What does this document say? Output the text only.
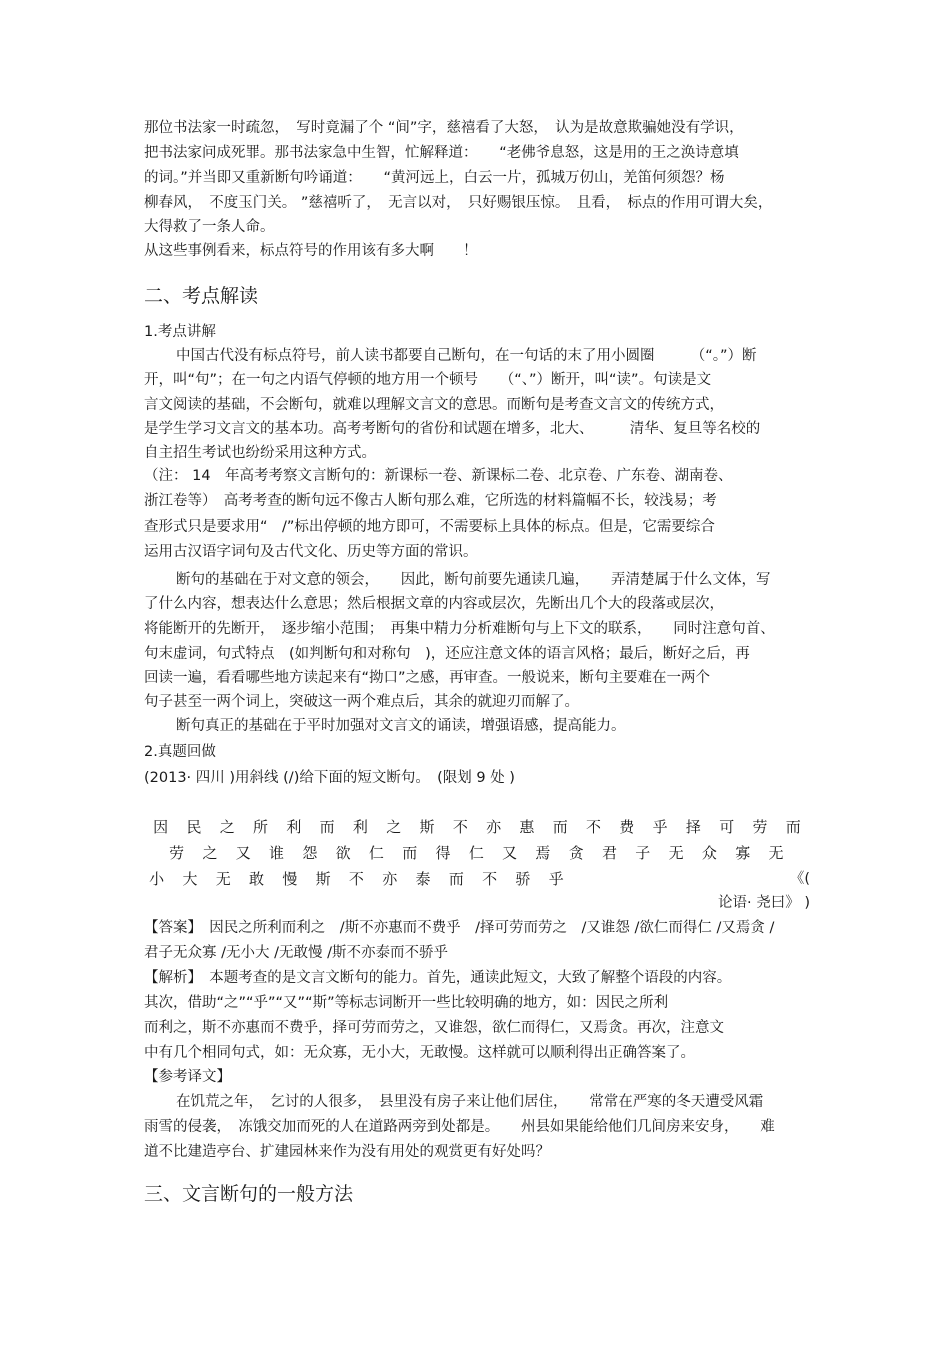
那位书法家一时疏忽，　写时竟漏了个 “间”字，慈禧看了大怒，　认为是故意欺骗她没有学识，
把书法家问成死罪。那书法家急中生智，忙解释道：　　“老佛爷息怒，这是用的王之涣诗意填
的词。”并当即又重新断句吟诵道：　　“黄河远上，白云一片，孤城万仞山，羌笛何须怨？杨
柳春风，　不度玉门关。 ”慈禧听了，　无言以对，　只好赐银压惊。　且看，　标点的作用可谓大矣，
大得救了一条人命。
从这些事例看来，标点符号的作用该有多大啊　　！
二、考点解读
1.考点讲解
中国古代没有标点符号，前人读书都要自己断句，在一句话的末了用小圆圈　　　（“。”）断
开，叫“句”；在一句之内语气停顿的地方用一个顿号　　（“、”）断开，叫“读”。句读是文
言文阅读的基础，不会断句，就难以理解文言文的意思。而断句是考查文言文的传统方式，
是学生学习文言文的基本功。高考考断句的省份和试题在增多，北大、　　　清华、复旦等名校的
自主招生考试也纷纷采用这种方式。
（注： 14　年高考考察文言断句的：新课标一卷、新课标二卷、北京卷、广东卷、湖南卷、
浙江卷等）　高考考查的断句远不像古人断句那么难，它所选的材料篇幅不长，较浅易；考
查形式只是要求用“　/”标出停顿的地方即可，不需要标上具体的标点。但是，它需要综合
运用古汉语字词句及古代文化、历史等方面的常识。
断句的基础在于对文意的领会，　　因此，断句前要先通读几遍，　　弄清楚属于什么文体，写
了什么内容，想表达什么意思；然后根据文章的内容或层次，先断出几个大的段落或层次，
将能断开的先断开，　逐步缩小范围；　再集中精力分析难断句与上下文的联系，　　同时注意句首、
句末虚词，句式特点　(如判断句和对称句　)，还应注意文体的语言风格；最后，断好之后，再
回读一遍，看看哪些地方读起来有“拗口”之感，再审查。一般说来，断句主要难在一两个
句子甚至一两个词上，突破这一两个难点后，其余的就迎刃而解了。
断句真正的基础在于平时加强对文言文的诵读，增强语感，提高能力。
2.真题回做
(2013· 四川 )用斜线 (/)给下面的短文断句。　(限划 9 处 )
因 民 之 所 利 而 利 之 斯 不 亦 惠 而 不 费 乎 择 可 劳 而
劳 之 又 谁 怨 欲 仁 而 得 仁 又 焉 贪 君 子 无 众 寡 无
小 大 无 敢 慢 斯 不 亦 泰 而 不 骄 乎	《(
论语· 尧曰》 )
【答案】　因民之所利而利之　/斯不亦惠而不费乎　/择可劳而劳之　/又谁怨 /欲仁而得仁 /又焉贪 /
君子无众寡 /无小大 /无敢慢 /斯不亦泰而不骄乎
【解析】　本题考查的是文言文断句的能力。首先，通读此短文，大致了解整个语段的内容。
其次，借助“之”“乎”“又”“斯”等标志词断开一些比较明确的地方，如：因民之所利
而利之，斯不亦惠而不费乎，择可劳而劳之，又谁怨，欲仁而得仁，又焉贪。再次，注意文
中有几个相同句式，如：无众寡，无小大，无敢慢。这样就可以顺利得出正确答案了。
【参考译文】
在饥荒之年，　乞讨的人很多，　县里没有房子来让他们居住，　　常常在严寒的冬天遭受风霜
雨雪的侵袭，　冻饿交加而死的人在道路两旁到处都是。　　州县如果能给他们几间房来安身，　　难
道不比建造亭台、扩建园林来作为没有用处的观赏更有好处吗？
三、文言断句的一般方法
